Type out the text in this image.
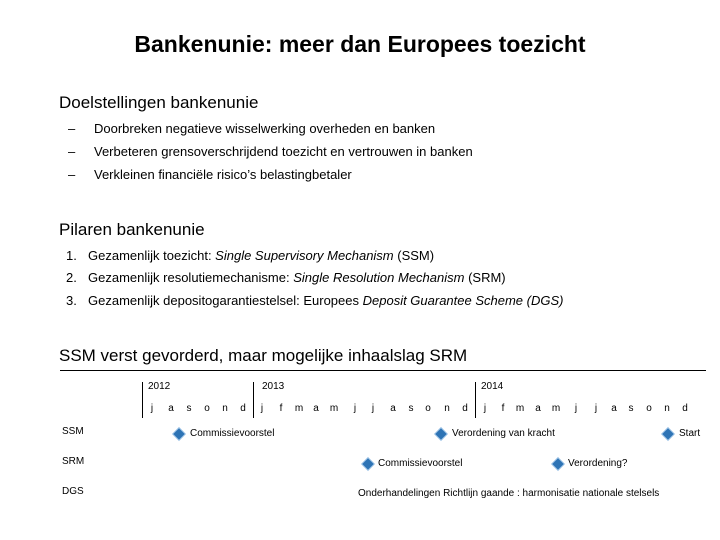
Bankenunie: meer dan Europees toezicht
Doelstellingen bankenunie
– Doorbreken negatieve wisselwerking overheden en banken
– Verbeteren grensoverschrijdend toezicht en vertrouwen in banken
– Verkleinen financiële risico’s belastingbetaler
Pilaren bankenunie
1. Gezamenlijk toezicht: Single Supervisory Mechanism (SSM)
2. Gezamenlijk resolutiemechanisme: Single Resolution Mechanism (SRM)
3. Gezamenlijk depositogarantiestelsel: Europees Deposit Guarantee Scheme (DGS)
SSM verst gevorderd, maar mogelijke inhaalslag SRM
2012	2013	2014
j	a	s	o	n	d	j	f	m	a	m	j	j	a	s	o	n	d	j	f	m	a	m	j	j	a	s	o	n	d
SSM
SRM
DGS
Commissievoorstel	Verordening van kracht	Start
Commissievoorstel	Verordening?
Onderhandelingen Richtlijn gaande : harmonisatie nationale stelsels
